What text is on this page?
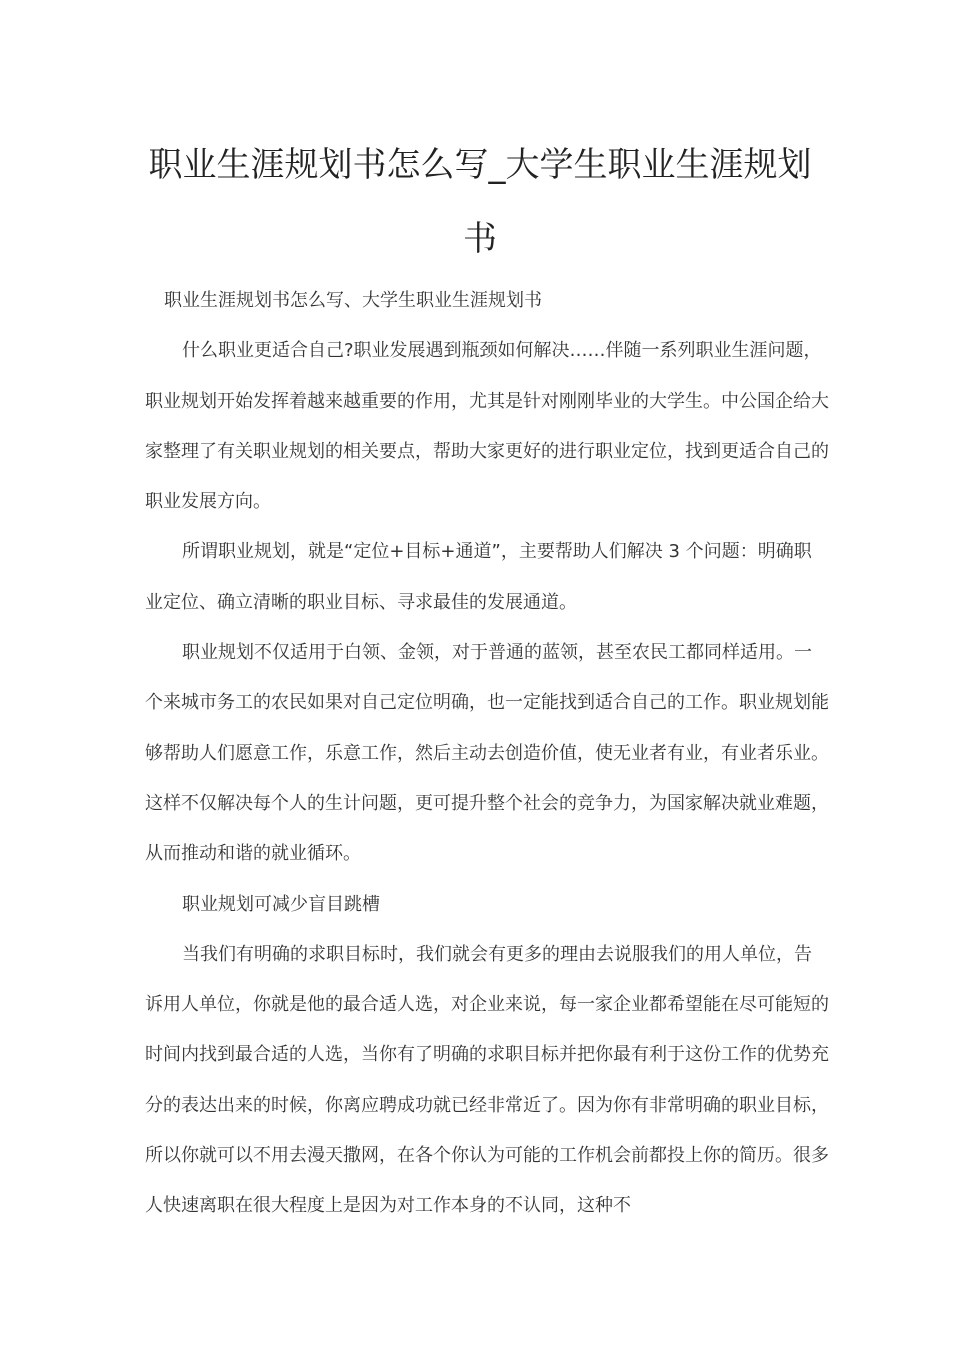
职业生涯规划书怎么写_大学生职业生涯规划书

职业生涯规划书怎么写、大学生职业生涯规划书

什么职业更适合自己?职业发展遇到瓶颈如何解决……伴随一系列职业生涯问题，职业规划开始发挥着越来越重要的作用，尤其是针对刚刚毕业的大学生。中公国企给大家整理了有关职业规划的相关要点，帮助大家更好的进行职业定位，找到更适合自己的职业发展方向。

所谓职业规划，就是“定位+目标+通道”，主要帮助人们解决 3 个问题：明确职业定位、确立清晰的职业目标、寻求最佳的发展通道。

职业规划不仅适用于白领、金领，对于普通的蓝领，甚至农民工都同样适用。一个来城市务工的农民如果对自己定位明确，也一定能找到适合自己的工作。职业规划能够帮助人们愿意工作，乐意工作，然后主动去创造价值，使无业者有业，有业者乐业。这样不仅解决每个人的生计问题，更可提升整个社会的竞争力，为国家解决就业难题，从而推动和谐的就业循环。

职业规划可减少盲目跳槽

当我们有明确的求职目标时，我们就会有更多的理由去说服我们的用人单位，告诉用人单位，你就是他的最合适人选，对企业来说，每一家企业都希望能在尽可能短的时间内找到最合适的人选，当你有了明确的求职目标并把你最有利于这份工作的优势充分的表达出来的时候，你离应聘成功就已经非常近了。因为你有非常明确的职业目标，所以你就可以不用去漫天撒网，在各个你认为可能的工作机会前都投上你的简历。很多人快速离职在很大程度上是因为对工作本身的不认同，这种不
